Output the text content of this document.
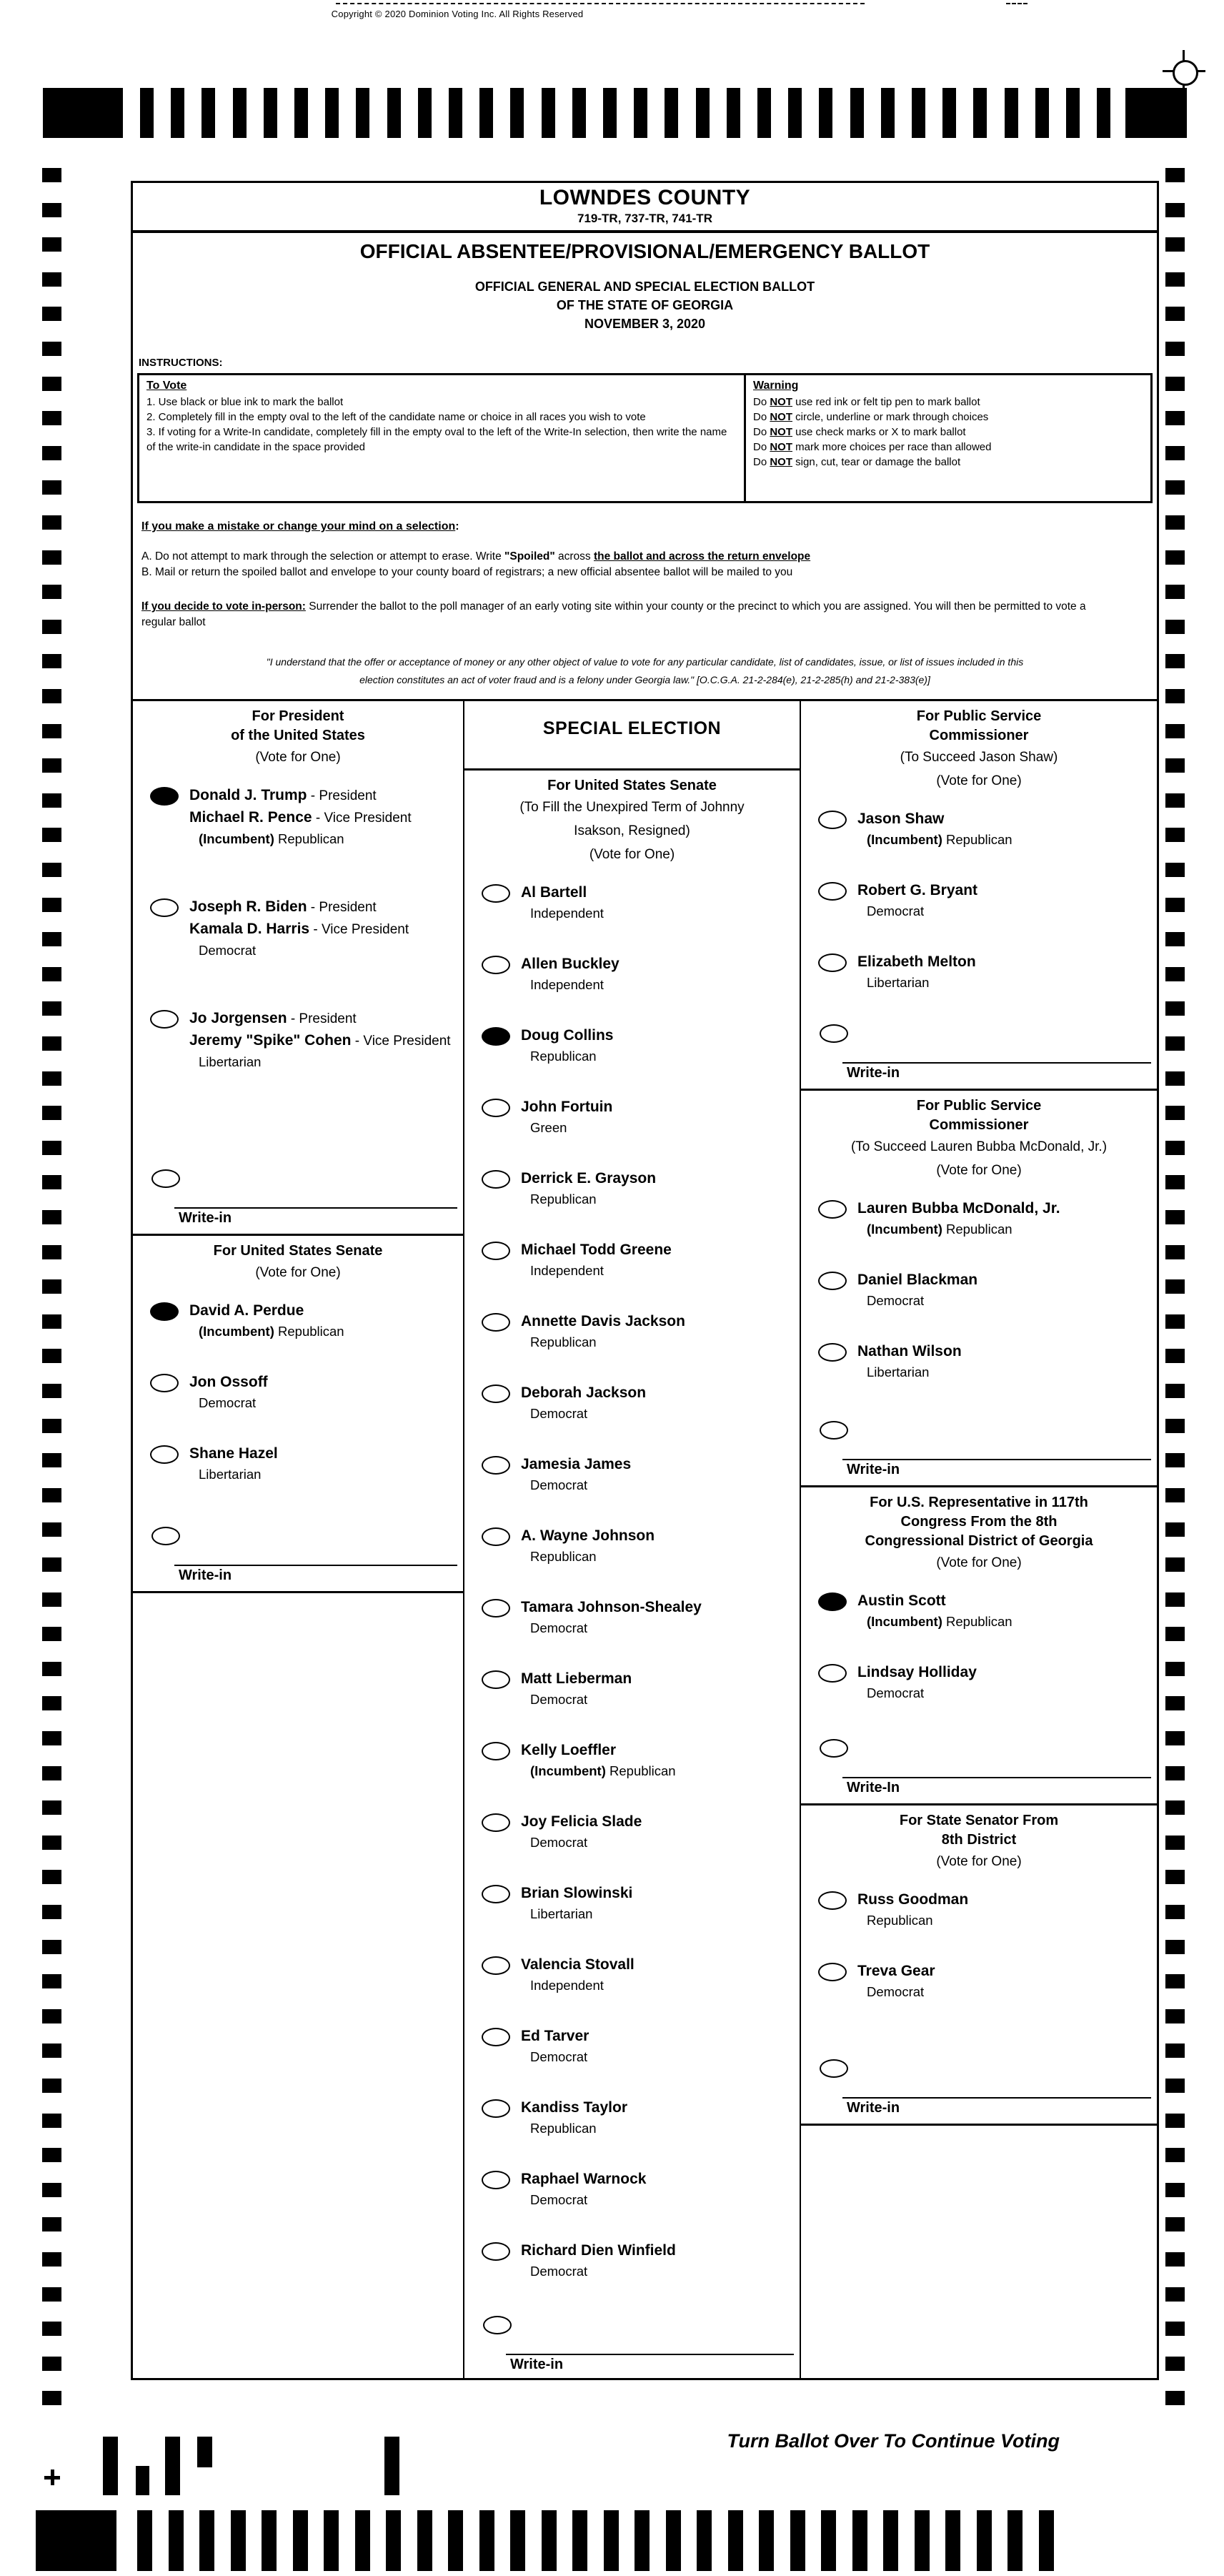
Copyright © 2020 Dominion Voting Inc. All Rights Reserved
LOWNDES COUNTY
719-TR, 737-TR, 741-TR
OFFICIAL ABSENTEE/PROVISIONAL/EMERGENCY BALLOT
OFFICIAL GENERAL AND SPECIAL ELECTION BALLOT
OF THE STATE OF GEORGIA
NOVEMBER 3, 2020
INSTRUCTIONS:
To Vote
1. Use black or blue ink to mark the ballot
2. Completely fill in the empty oval to the left of the candidate name or choice in all races you wish to vote
3. If voting for a Write-In candidate, completely fill in the empty oval to the left of the Write-In selection, then write the name of the write-in candidate in the space provided
Warning
Do NOT use red ink or felt tip pen to mark ballot
Do NOT circle, underline or mark through choices
Do NOT use check marks or X to mark ballot
Do NOT mark more choices per race than allowed
Do NOT sign, cut, tear or damage the ballot
If you make a mistake or change your mind on a selection:
A. Do not attempt to mark through the selection or attempt to erase. Write "Spoiled" across the ballot and across the return envelope
B. Mail or return the spoiled ballot and envelope to your county board of registrars; a new official absentee ballot will be mailed to you
If you decide to vote in-person: Surrender the ballot to the poll manager of an early voting site within your county or the precinct to which you are assigned. You will then be permitted to vote a regular ballot
"I understand that the offer or acceptance of money or any other object of value to vote for any particular candidate, list of candidates, issue, or list of issues included in this
election constitutes an act of voter fraud and is a felony under Georgia law." [O.C.G.A. 21-2-284(e), 21-2-285(h) and 21-2-383(e)]
For President
of the United States
(Vote for One)
Donald J. Trump - President
Michael R. Pence - Vice President
(Incumbent) Republican
Joseph R. Biden - President
Kamala D. Harris - Vice President
Democrat
Jo Jorgensen - President
Jeremy "Spike" Cohen - Vice President
Libertarian
Write-in
For United States Senate
(Vote for One)
David A. Perdue
(Incumbent) Republican
Jon Ossoff
Democrat
Shane Hazel
Libertarian
Write-in
SPECIAL ELECTION
For United States Senate
(To Fill the Unexpired Term of Johnny
Isakson, Resigned)
(Vote for One)
Al Bartell
Independent
Allen Buckley
Independent
Doug Collins
Republican
John Fortuin
Green
Derrick E. Grayson
Republican
Michael Todd Greene
Independent
Annette Davis Jackson
Republican
Deborah Jackson
Democrat
Jamesia James
Democrat
A. Wayne Johnson
Republican
Tamara Johnson-Shealey
Democrat
Matt Lieberman
Democrat
Kelly Loeffler
(Incumbent) Republican
Joy Felicia Slade
Democrat
Brian Slowinski
Libertarian
Valencia Stovall
Independent
Ed Tarver
Democrat
Kandiss Taylor
Republican
Raphael Warnock
Democrat
Richard Dien Winfield
Democrat
Write-in
For Public Service
Commissioner
(To Succeed Jason Shaw)
(Vote for One)
Jason Shaw
(Incumbent) Republican
Robert G. Bryant
Democrat
Elizabeth Melton
Libertarian
Write-in
For Public Service
Commissioner
(To Succeed Lauren Bubba McDonald, Jr.)
(Vote for One)
Lauren Bubba McDonald, Jr.
(Incumbent) Republican
Daniel Blackman
Democrat
Nathan Wilson
Libertarian
Write-in
For U.S. Representative in 117th
Congress From the 8th
Congressional District of Georgia
(Vote for One)
Austin Scott
(Incumbent) Republican
Lindsay Holliday
Democrat
Write-In
For State Senator From
8th District
(Vote for One)
Russ Goodman
Republican
Treva Gear
Democrat
Write-in
Turn Ballot Over To Continue Voting
30
